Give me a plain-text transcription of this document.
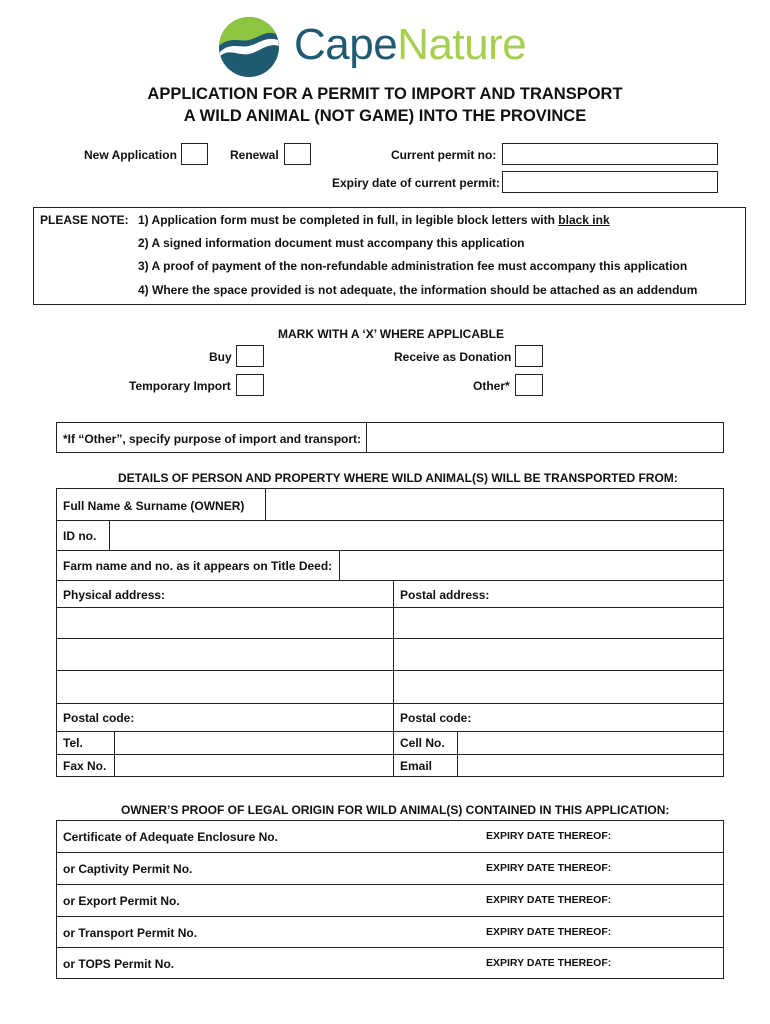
CapeNature
APPLICATION FOR A PERMIT TO IMPORT AND TRANSPORT
A WILD ANIMAL (NOT GAME) INTO THE PROVINCE
New Application	Renewal	Current permit no:
Expiry date of current permit:
PLEASE NOTE: 1) Application form must be completed in full, in legible block letters with black ink
2) A signed information document must accompany this application
3) A proof of payment of the non-refundable administration fee must accompany this application
4) Where the space provided is not adequate, the information should be attached as an addendum
MARK WITH A ‘X’ WHERE APPLICABLE
Buy	Receive as Donation
Temporary Import	Other*
*If “Other”, specify purpose of import and transport:
DETAILS OF PERSON AND PROPERTY WHERE WILD ANIMAL(S) WILL BE TRANSPORTED FROM:
Full Name & Surname (OWNER)
ID no.
Farm name and no. as it appears on Title Deed:
Physical address:	Postal address:
Postal code:	Postal code:
Tel.	Cell No.
Fax No.	Email
OWNER’S PROOF OF LEGAL ORIGIN FOR WILD ANIMAL(S) CONTAINED IN THIS APPLICATION:
Certificate of Adequate Enclosure No.	EXPIRY DATE THEREOF:
or Captivity Permit No.	EXPIRY DATE THEREOF:
or Export Permit No.	EXPIRY DATE THEREOF:
or Transport Permit No.	EXPIRY DATE THEREOF:
or TOPS Permit No.	EXPIRY DATE THEREOF:
